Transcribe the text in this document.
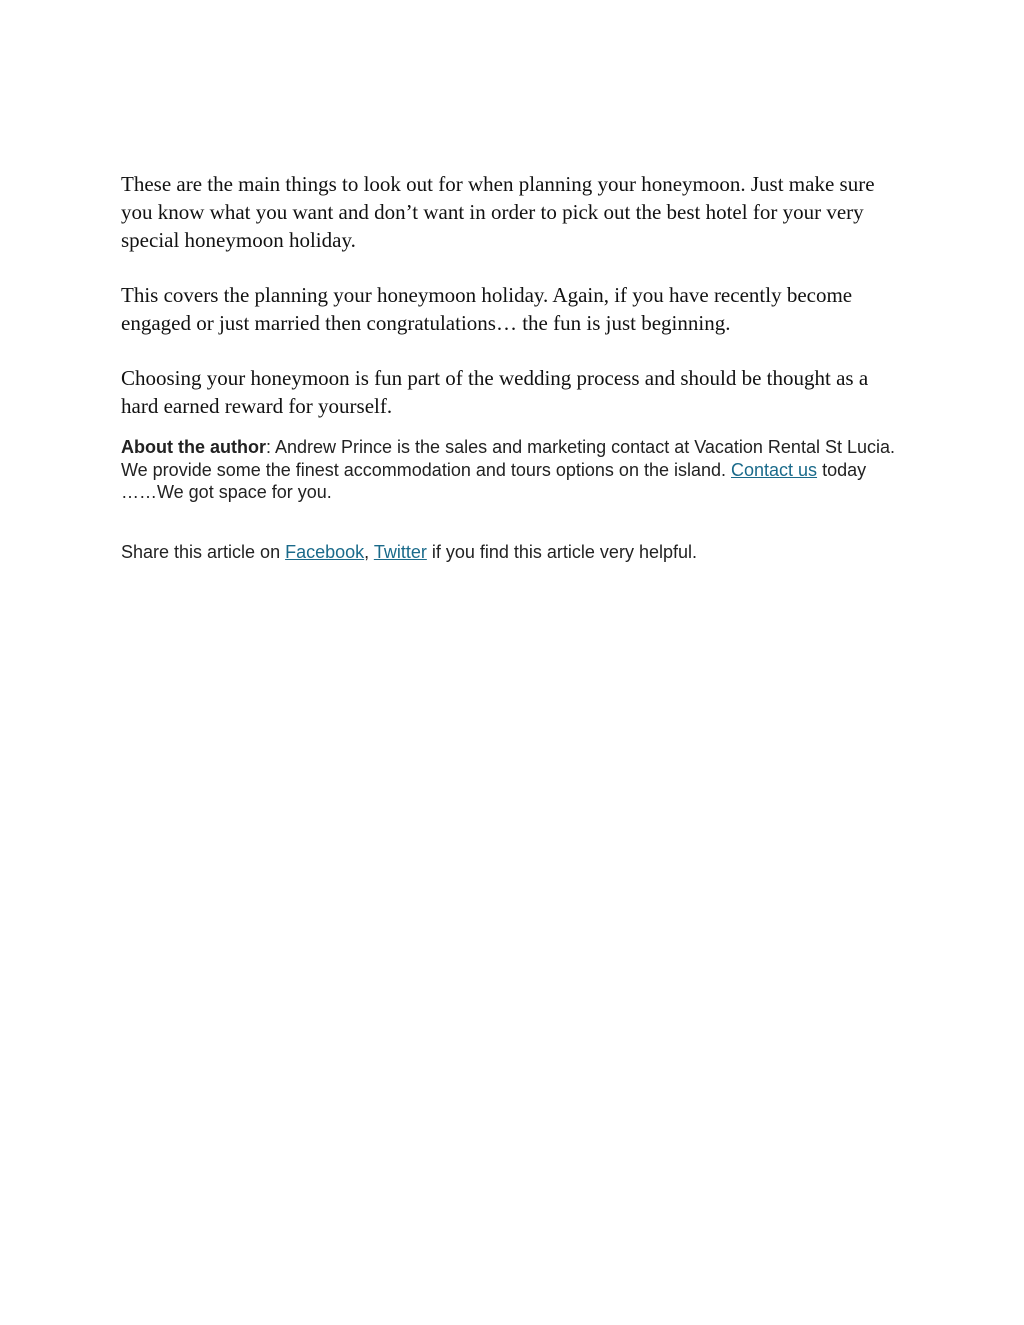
These are the main things to look out for when planning your honeymoon. Just make sure you know what you want and don’t want in order to pick out the best hotel for your very special honeymoon holiday.

This covers the planning your honeymoon holiday. Again, if you have recently become engaged or just married then congratulations… the fun is just beginning.

Choosing your honeymoon is fun part of the wedding process and should be thought as a hard earned reward for yourself.

About the author: Andrew Prince is the sales and marketing contact at Vacation Rental St Lucia. We provide some the finest accommodation and tours options on the island. Contact us today ……We got space for you.

Share this article on Facebook, Twitter if you find this article very helpful.
